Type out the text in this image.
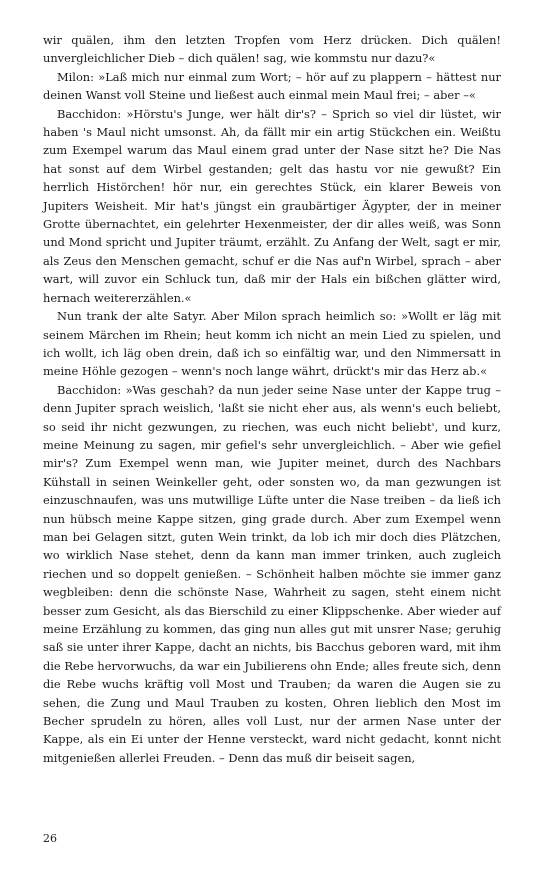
wir quälen, ihm den letzten Tropfen vom Herz drücken. Dich quälen! unvergleichlicher Dieb – dich quälen! sag, wie kommstu nur dazu?«

Milon: »Laß mich nur einmal zum Wort; – hör auf zu plappern – hättest nur deinen Wanst voll Steine und ließest auch einmal mein Maul frei; – aber –«

Bacchidon: »Hörstu's Junge, wer hält dir's? – Sprich so viel dir lüstet, wir haben 's Maul nicht umsonst. Ah, da fällt mir ein artig Stückchen ein. Weißtu zum Exempel warum das Maul einem grad unter der Nase sitzt he? Die Nas hat sonst auf dem Wirbel gestanden; gelt das hastu vor nie gewußt? Ein herrlich Histörchen! hör nur, ein gerechtes Stück, ein klarer Beweis von Jupiters Weisheit. Mir hat's jüngst ein graubärtiger Ägypter, der in meiner Grotte übernachtet, ein gelehrter Hexenmeister, der dir alles weiß, was Sonn und Mond spricht und Jupiter träumt, erzählt. Zu Anfang der Welt, sagt er mir, als Zeus den Menschen gemacht, schuf er die Nas auf'n Wirbel, sprach – aber wart, will zuvor ein Schluck tun, daß mir der Hals ein bißchen glätter wird, hernach weitererzählen.«

Nun trank der alte Satyr. Aber Milon sprach heimlich so: »Wollt er läg mit seinem Märchen im Rhein; heut komm ich nicht an mein Lied zu spielen, und ich wollt, ich läg oben drein, daß ich so einfältig war, und den Nimmersatt in meine Höhle gezogen – wenn's noch lange währt, drückt's mir das Herz ab.«

Bacchidon: »Was geschah? da nun jeder seine Nase unter der Kappe trug – denn Jupiter sprach weislich, 'laßt sie nicht eher aus, als wenn's euch beliebt, so seid ihr nicht gezwungen, zu riechen, was euch nicht beliebt', und kurz, meine Meinung zu sagen, mir gefiel's sehr unvergleichlich. – Aber wie gefiel mir's? Zum Exempel wenn man, wie Jupiter meinet, durch des Nachbars Kühstall in seinen Weinkeller geht, oder sonsten wo, da man gezwungen ist einzuschnaufen, was uns mutwillige Lüfte unter die Nase treiben – da ließ ich nun hübsch meine Kappe sitzen, ging grade durch. Aber zum Exempel wenn man bei Gelagen sitzt, guten Wein trinkt, da lob ich mir doch dies Plätzchen, wo wirklich Nase stehet, denn da kann man immer trinken, auch zugleich riechen und so doppelt genießen. – Schönheit halben möchte sie immer ganz wegbleiben: denn die schönste Nase, Wahrheit zu sagen, steht einem nicht besser zum Gesicht, als das Bierschild zu einer Klippschenke. Aber wieder auf meine Erzählung zu kommen, das ging nun alles gut mit unsrer Nase; geruhig saß sie unter ihrer Kappe, dacht an nichts, bis Bacchus geboren ward, mit ihm die Rebe hervorwuchs, da war ein Jubilierens ohn Ende; alles freute sich, denn die Rebe wuchs kräftig voll Most und Trauben; da waren die Augen sie zu sehen, die Zung und Maul Trauben zu kosten, Ohren lieblich den Most im Becher sprudeln zu hören, alles voll Lust, nur der armen Nase unter der Kappe, als ein Ei unter der Henne versteckt, ward nicht gedacht, konnt nicht mitgenießen allerlei Freuden. – Denn das muß dir beiseit sagen,

26
